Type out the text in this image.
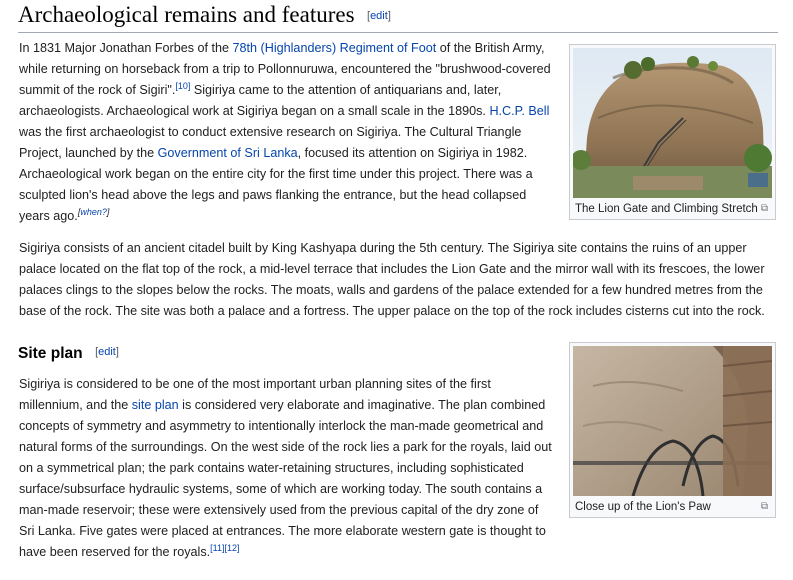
Archaeological remains and features [edit]

In 1831 Major Jonathan Forbes of the 78th (Highlanders) Regiment of Foot of the British Army, while returning on horseback from a trip to Pollonnuruwa, encountered the "brushwood-covered summit of the rock of Sigiri".[10] Sigiriya came to the attention of antiquarians and, later, archaeologists. Archaeological work at Sigiriya began on a small scale in the 1890s. H.C.P. Bell was the first archaeologist to conduct extensive research on Sigiriya. The Cultural Triangle Project, launched by the Government of Sri Lanka, focused its attention on Sigiriya in 1982. Archaeological work began on the entire city for the first time under this project. There was a sculpted lion's head above the legs and paws flanking the entrance, but the head collapsed years ago.[when?]	The Lion Gate and Climbing Stretch ⧉

Sigiriya consists of an ancient citadel built by King Kashyapa during the 5th century. The Sigiriya site contains the ruins of an upper palace located on the flat top of the rock, a mid-level terrace that includes the Lion Gate and the mirror wall with its frescoes, the lower palaces clings to the slopes below the rocks. The moats, walls and gardens of the palace extended for a few hundred metres from the base of the rock. The site was both a palace and a fortress. The upper palace on the top of the rock includes cisterns cut into the rock.

Site plan [edit]

Sigiriya is considered to be one of the most important urban planning sites of the first millennium, and the site plan is considered very elaborate and imaginative. The plan combined concepts of symmetry and asymmetry to intentionally interlock the man-made geometrical and natural forms of the surroundings. On the west side of the rock lies a park for the royals, laid out on a symmetrical plan; the park contains water-retaining structures, including sophisticated surface/subsurface hydraulic systems, some of which are working today. The south contains a man-made reservoir; these were extensively used from the previous capital of the dry zone of Sri Lanka. Five gates were placed at entrances. The more elaborate western gate is thought to have been reserved for the royals.[11][12]

Close up of the Lion's Paw	⧉
